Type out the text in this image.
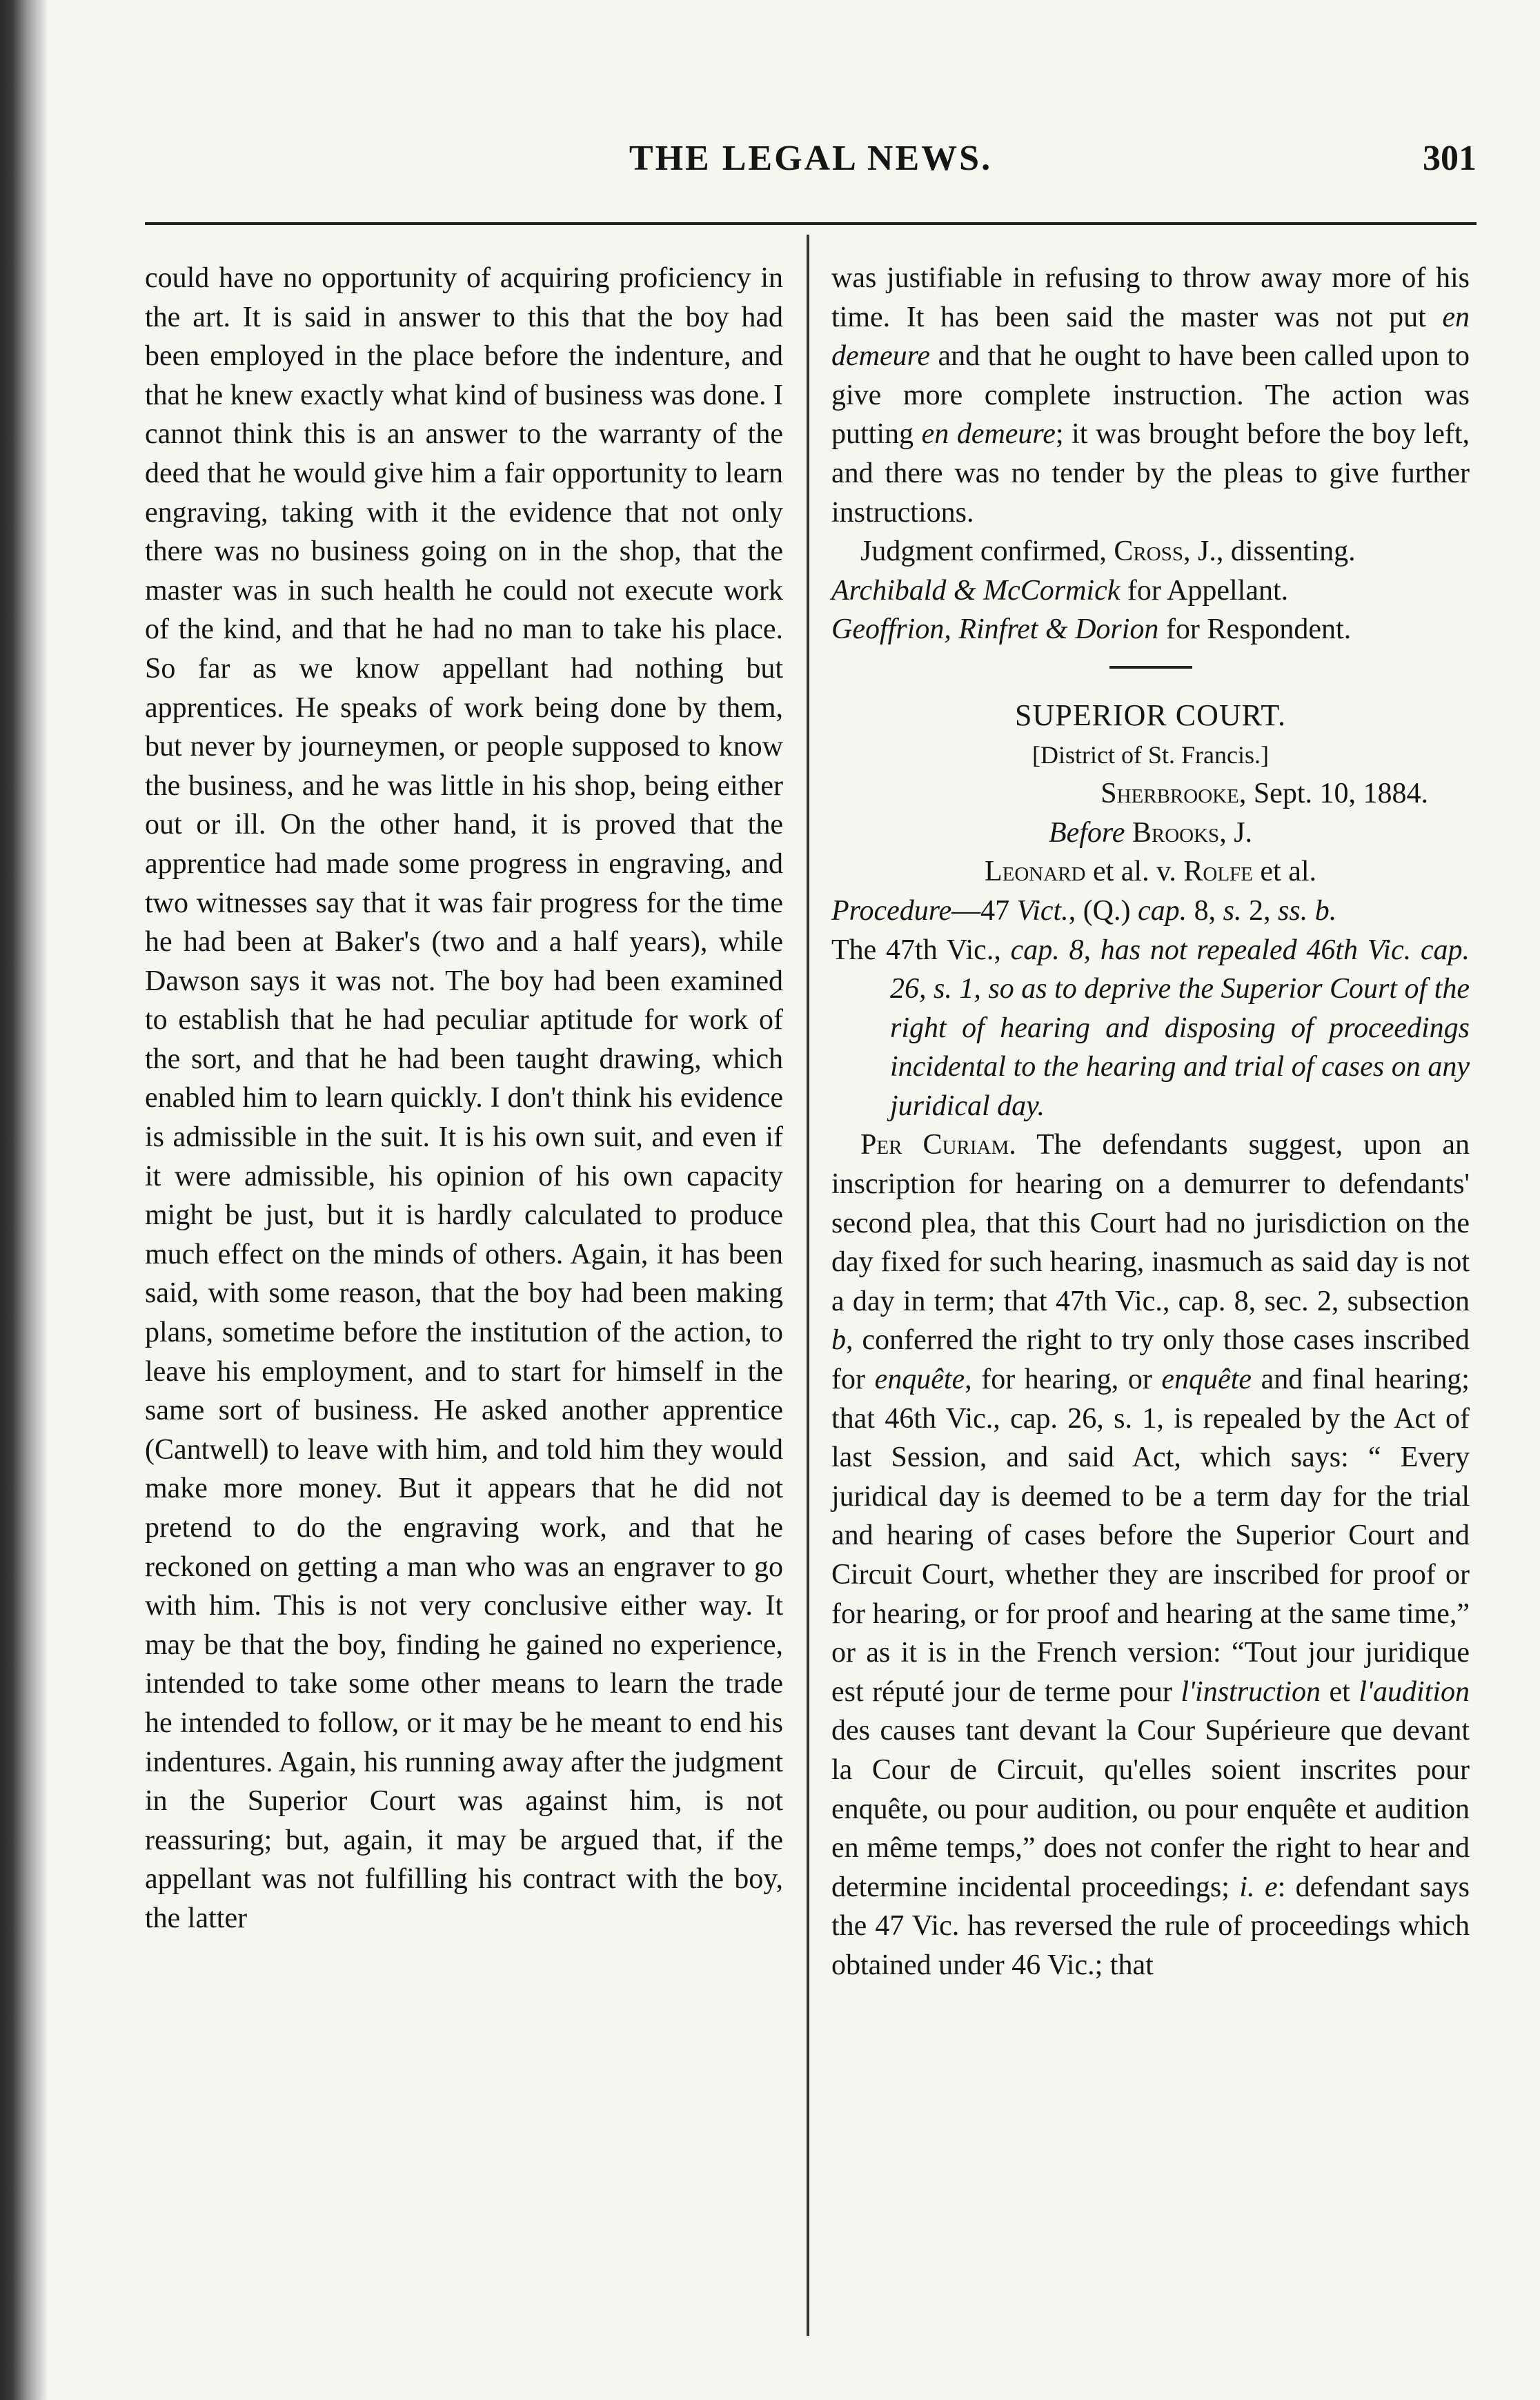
THE LEGAL NEWS.	301

could have no opportunity of acquiring proficiency in the art. It is said in answer to this that the boy had been employed in the place before the indenture, and that he knew exactly what kind of business was done. I cannot think this is an answer to the warranty of the deed that he would give him a fair opportunity to learn engraving, taking with it the evidence that not only there was no business going on in the shop, that the master was in such health he could not execute work of the kind, and that he had no man to take his place. So far as we know appellant had nothing but apprentices. He speaks of work being done by them, but never by journeymen, or people supposed to know the business, and he was little in his shop, being either out or ill. On the other hand, it is proved that the apprentice had made some progress in engraving, and two witnesses say that it was fair progress for the time he had been at Baker's (two and a half years), while Dawson says it was not. The boy had been examined to establish that he had peculiar aptitude for work of the sort, and that he had been taught drawing, which enabled him to learn quickly. I don't think his evidence is admissible in the suit. It is his own suit, and even if it were admissible, his opinion of his own capacity might be just, but it is hardly calculated to produce much effect on the minds of others. Again, it has been said, with some reason, that the boy had been making plans, sometime before the institution of the action, to leave his employment, and to start for himself in the same sort of business. He asked another apprentice (Cantwell) to leave with him, and told him they would make more money. But it appears that he did not pretend to do the engraving work, and that he reckoned on getting a man who was an engraver to go with him. This is not very conclusive either way. It may be that the boy, finding he gained no experience, intended to take some other means to learn the trade he intended to follow, or it may be he meant to end his indentures. Again, his running away after the judgment in the Superior Court was against him, is not reassuring; but, again, it may be argued that, if the appellant was not fulfilling his contract with the boy, the latter

was justifiable in refusing to throw away more of his time. It has been said the master was not put en demeure and that he ought to have been called upon to give more complete instruction. The action was putting en demeure; it was brought before the boy left, and there was no tender by the pleas to give further instructions.

Judgment confirmed, Cross, J., dissenting.

Archibald & McCormick for Appellant.

Geoffrion, Rinfret & Dorion for Respondent.

SUPERIOR COURT.

[District of St. Francis.]

Sherbrooke, Sept. 10, 1884.

Before Brooks, J.

Leonard et al. v. Rolfe et al.

Procedure—47 Vict., (Q.) cap. 8, s. 2, ss. b.

The 47th Vic., cap. 8, has not repealed 46th Vic. cap. 26, s. 1, so as to deprive the Superior Court of the right of hearing and disposing of proceedings incidental to the hearing and trial of cases on any juridical day.

Per Curiam. The defendants suggest, upon an inscription for hearing on a demurrer to defendants' second plea, that this Court had no jurisdiction on the day fixed for such hearing, inasmuch as said day is not a day in term; that 47th Vic., cap. 8, sec. 2, subsection b, conferred the right to try only those cases inscribed for enquête, for hearing, or enquête and final hearing; that 46th Vic., cap. 26, s. 1, is repealed by the Act of last Session, and said Act, which says: “ Every juridical day is deemed to be a term day for the trial and hearing of cases before the Superior Court and Circuit Court, whether they are inscribed for proof or for hearing, or for proof and hearing at the same time,” or as it is in the French version: “Tout jour juridique est réputé jour de terme pour l'instruction et l'audition des causes tant devant la Cour Supérieure que devant la Cour de Circuit, qu'elles soient inscrites pour enquête, ou pour audition, ou pour enquête et audition en même temps,” does not confer the right to hear and determine incidental proceedings; i. e: defendant says the 47 Vic. has reversed the rule of proceedings which obtained under 46 Vic.; that
